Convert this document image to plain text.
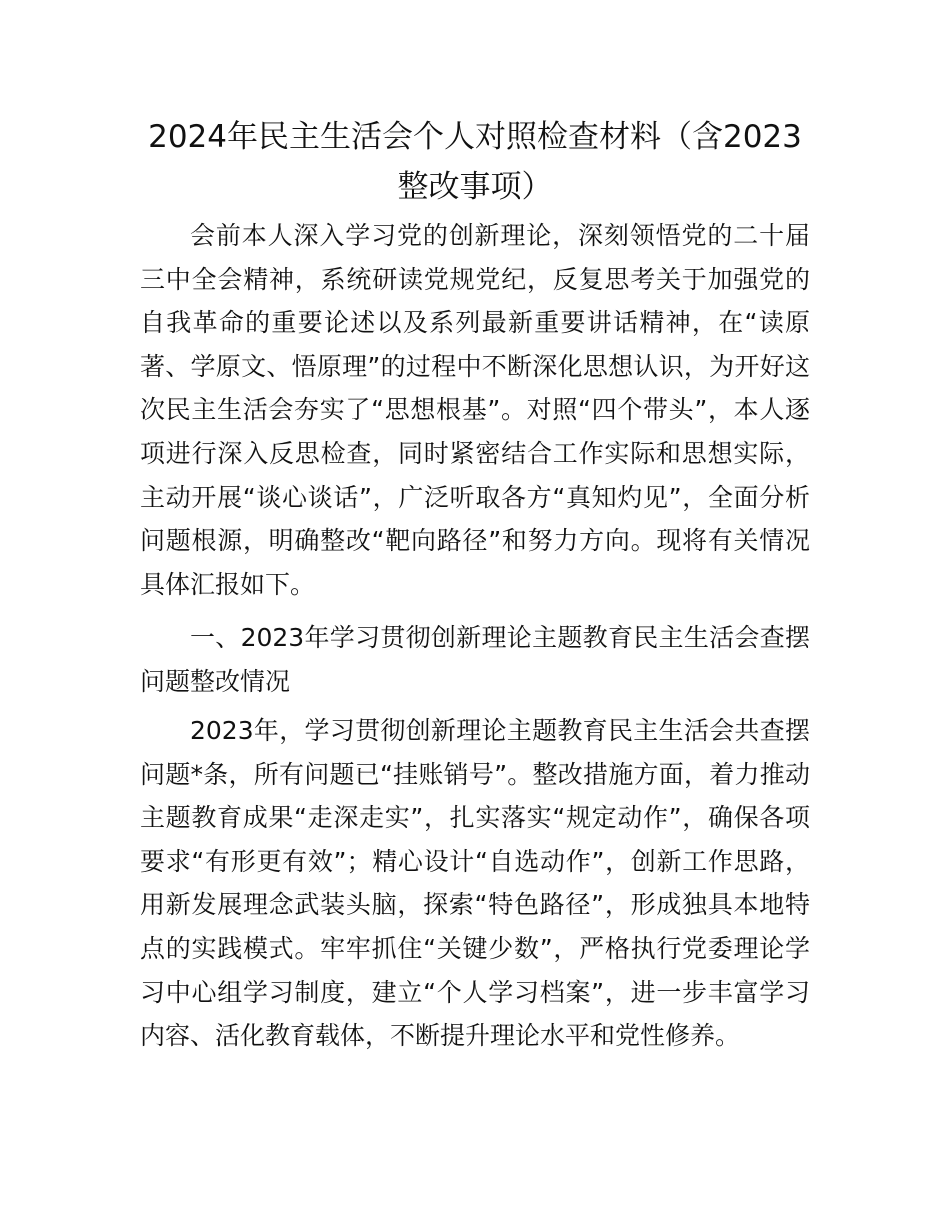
2024年民主生活会个人对照检查材料（含2023整改事项）

会前本人深入学习党的创新理论，深刻领悟党的二十届三中全会精神，系统研读党规党纪，反复思考关于加强党的自我革命的重要论述以及系列最新重要讲话精神，在“读原著、学原文、悟原理”的过程中不断深化思想认识，为开好这次民主生活会夯实了“思想根基”。对照“四个带头”，本人逐项进行深入反思检查，同时紧密结合工作实际和思想实际，主动开展“谈心谈话”，广泛听取各方“真知灼见”，全面分析问题根源，明确整改“靶向路径”和努力方向。现将有关情况具体汇报如下。

一、2023年学习贯彻创新理论主题教育民主生活会查摆问题整改情况

2023年，学习贯彻创新理论主题教育民主生活会共查摆问题*条，所有问题已“挂账销号”。整改措施方面，着力推动主题教育成果“走深走实”，扎实落实“规定动作”，确保各项要求“有形更有效”；精心设计“自选动作”，创新工作思路，用新发展理念武装头脑，探索“特色路径”，形成独具本地特点的实践模式。牢牢抓住“关键少数”，严格执行党委理论学习中心组学习制度，建立“个人学习档案”，进一步丰富学习内容、活化教育载体，不断提升理论水平和党性修养。
